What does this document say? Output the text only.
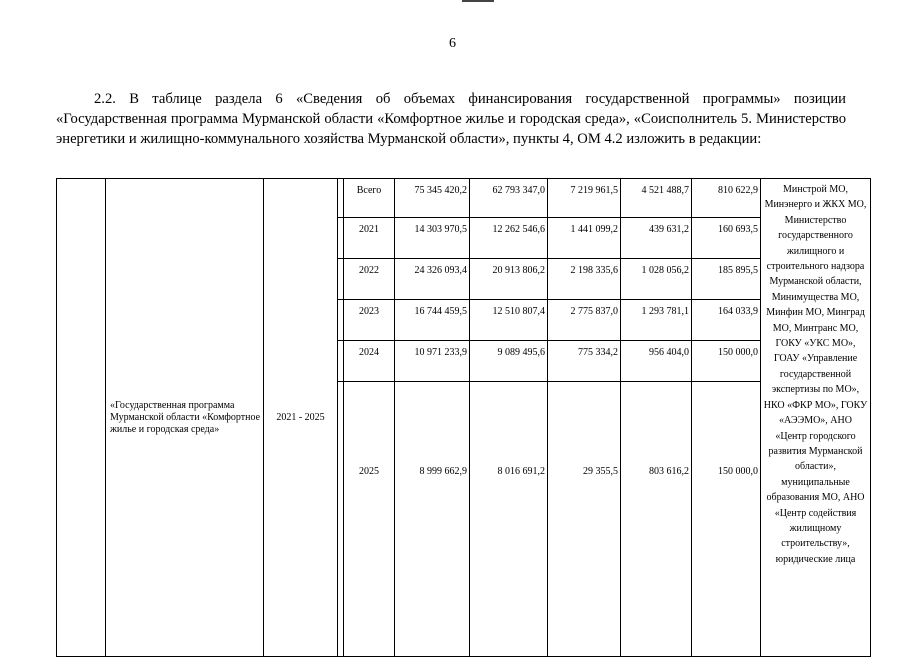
6
2.2. В таблице раздела 6 «Сведения об объемах финансирования государственной программы» позиции «Государственная программа Мурманской области «Комфортное жилье и городская среда», «Соисполнитель 5. Министерство энергетики и жилищно-коммунального хозяйства Мурманской области», пункты 4, ОМ 4.2 изложить в редакции:
	«Государственная программа Мурманской области «Комфортное жилье и городская среда»	2021 - 2025		Всего	75 345 420,2	62 793 347,0	7 219 961,5	4 521 488,7	810 622,9	Минстрой МО, Минэнерго и ЖКХ МО, Министерство государственного жилищного и строительного надзора Мурманской области, Минимущества МО, Минфин МО, Минград МО, Минтранс МО, ГОКУ «УКС МО», ГОАУ «Управление государственной экспертизы по МО», НКО «ФКР МО», ГОКУ «АЭЭМО», АНО «Центр городского развития Мурманской области», муниципальные образования МО, АНО «Центр содействия жилищному строительству», юридические лица
				2021	14 303 970,5	12 262 546,6	1 441 099,2	439 631,2	160 693,5	
				2022	24 326 093,4	20 913 806,2	2 198 335,6	1 028 056,2	185 895,5	
				2023	16 744 459,5	12 510 807,4	2 775 837,0	1 293 781,1	164 033,9	
				2024	10 971 233,9	9 089 495,6	775 334,2	956 404,0	150 000,0	
				2025	8 999 662,9	8 016 691,2	29 355,5	803 616,2	150 000,0	
